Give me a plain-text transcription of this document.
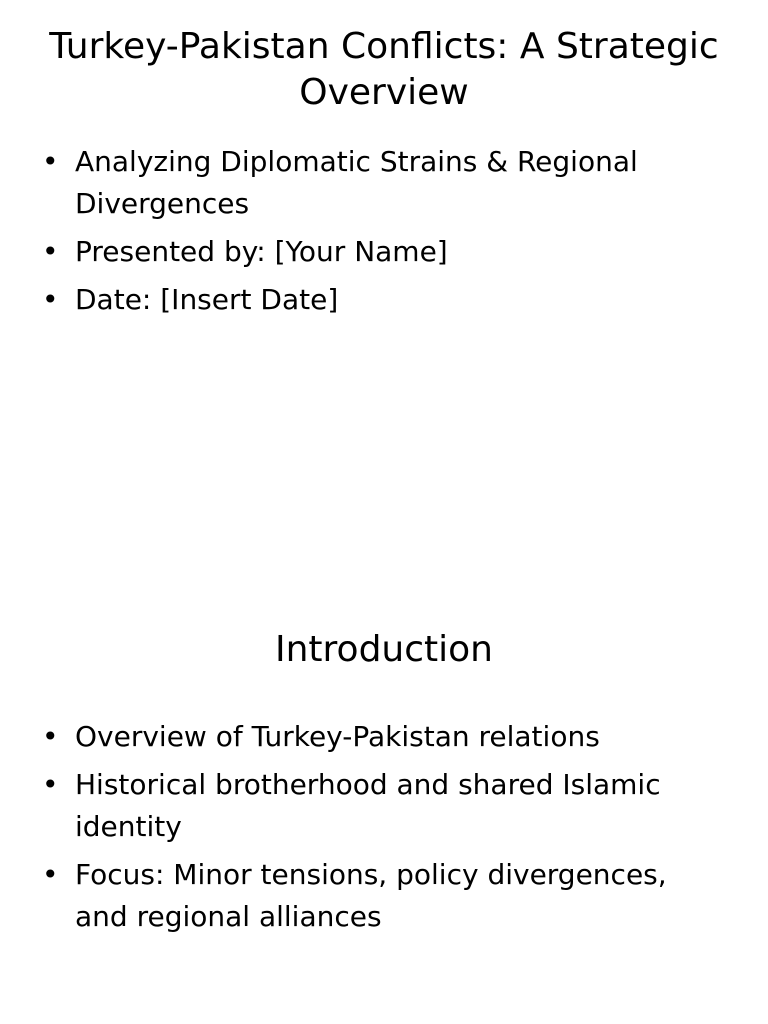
Turkey-Pakistan Conflicts: A Strategic Overview
• Analyzing Diplomatic Strains & Regional Divergences
• Presented by: [Your Name]
• Date: [Insert Date]
Introduction
• Overview of Turkey-Pakistan relations
• Historical brotherhood and shared Islamic identity
• Focus: Minor tensions, policy divergences, and regional alliances
